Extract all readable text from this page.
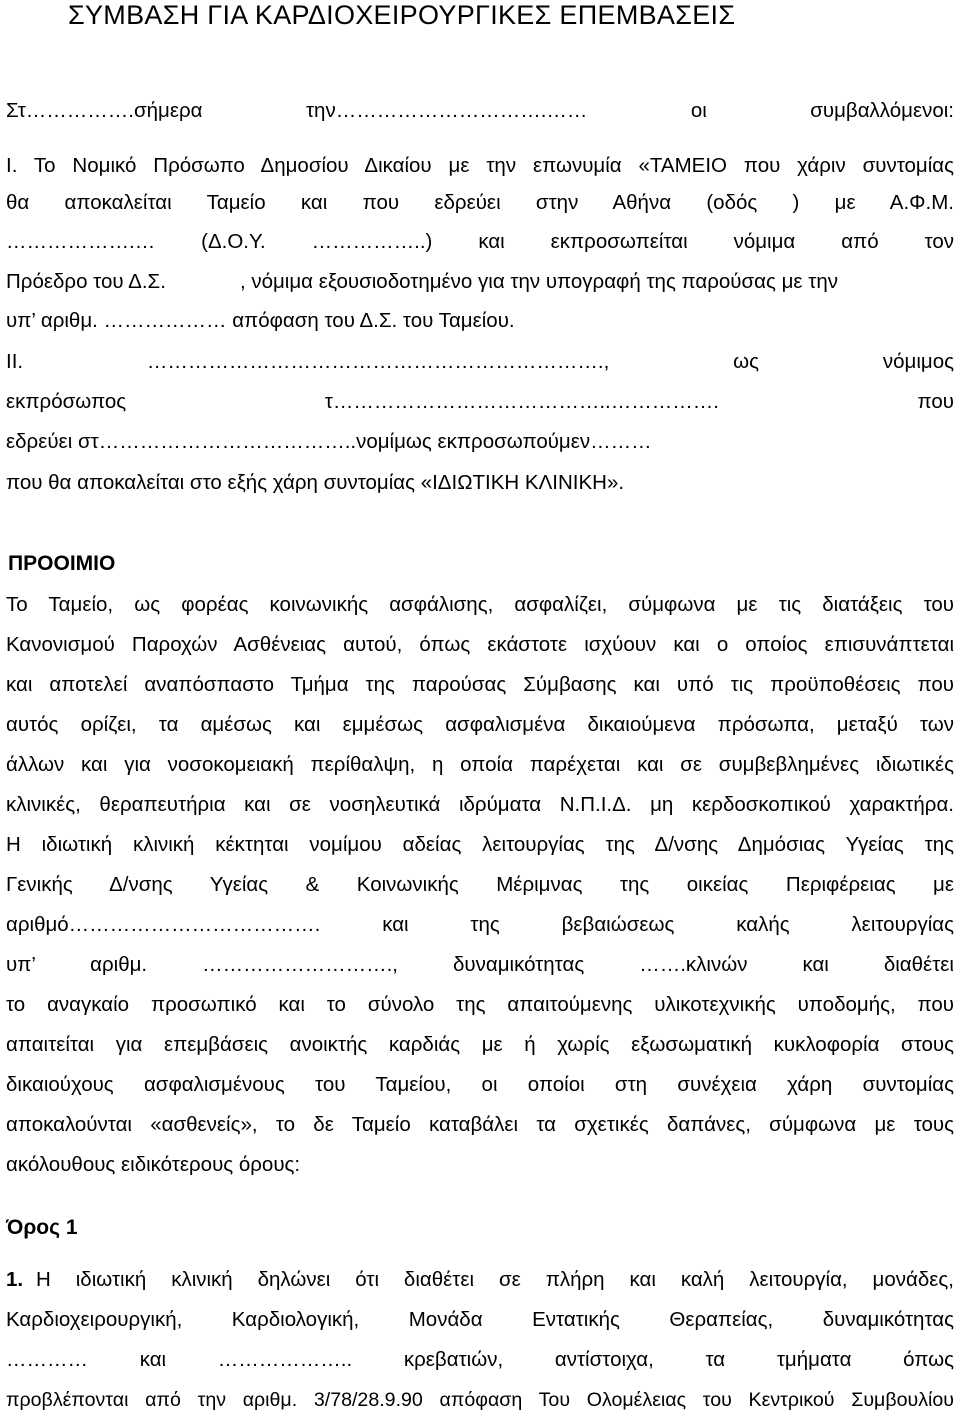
ΣΥΜΒΑΣΗ ΓΙΑ ΚΑΡΔΙΟΧΕΙΡΟΥΡΓΙΚΕΣ ΕΠΕΜΒΑΣΕΙΣ
Στ…………….σήμερα την………………………….…… οι συμβαλλόμενοι:
Ι. Το Νομικό Πρόσωπο Δημοσίου Δικαίου με την επωνυμία «ΤΑΜΕΙΟ που χάριν συντομίας
θα αποκαλείται Ταμείο και που εδρεύει στην Αθήνα (οδός ) με Α.Φ.Μ.
……………….… (Δ.Ο.Υ. ……………..) και εκπροσωπείται νόμιμα από τον
Πρόεδρο του Δ.Σ.             , νόμιμα εξουσιοδοτημένο για την υπογραφή της παρούσας με την
υπ’ αριθμ. ……………… απόφαση του Δ.Σ. του Ταμείου.
ΙΙ. …………………………………………………………., ως νόμιμος
εκπρόσωπος τ…………………………………..……………. που
εδρεύει στ………………………………..νομίμως εκπροσωπούμεν………
που θα αποκαλείται στο εξής χάρη συντομίας «ΙΔΙΩΤΙΚΗ ΚΛΙΝΙΚΗ».
ΠΡΟΟΙΜΙΟ
Το Ταμείο, ως φορέας κοινωνικής ασφάλισης, ασφαλίζει, σύμφωνα με τις διατάξεις του
Κανονισμού Παροχών Ασθένειας αυτού, όπως εκάστοτε ισχύουν και ο οποίος επισυνάπτεται
και αποτελεί αναπόσπαστο Τμήμα της παρούσας Σύμβασης και υπό τις προϋποθέσεις που
αυτός ορίζει, τα αμέσως και εμμέσως ασφαλισμένα δικαιούμενα πρόσωπα, μεταξύ των
άλλων και για νοσοκομειακή περίθαλψη, η οποία παρέχεται και σε συμβεβλημένες ιδιωτικές
κλινικές, θεραπευτήρια και σε νοσηλευτικά ιδρύματα Ν.Π.Ι.Δ. μη κερδοσκοπικού χαρακτήρα.
Η ιδιωτική κλινική κέκτηται νομίμου αδείας λειτουργίας της Δ/νσης Δημόσιας Υγείας της
Γενικής Δ/νσης Υγείας & Κοινωνικής Μέριμνας της οικείας Περιφέρειας με
αριθμό………………………………. και της βεβαιώσεως καλής λειτουργίας
υπ’ αριθμ. ………………………., δυναμικότητας …….κλινών και διαθέτει
το αναγκαίο προσωπικό και το σύνολο της απαιτούμενης υλικοτεχνικής υποδομής, που
απαιτείται για επεμβάσεις ανοικτής καρδιάς με ή χωρίς εξωσωματική κυκλοφορία στους
δικαιούχους ασφαλισμένους του Ταμείου, οι οποίοι στη συνέχεια χάρη συντομίας
αποκαλούνται «ασθενείς», το δε Ταμείο καταβάλει τα σχετικές δαπάνες, σύμφωνα με τους
ακόλουθους ειδικότερους όρους:
Όρος 1
Η ιδιωτική κλινική δηλώνει ότι διαθέτει σε πλήρη και καλή λειτουργία, μονάδες,
1.
Καρδιοχειρουργική, Καρδιολογική, Μονάδα Εντατικής Θεραπείας, δυναμικότητας
………… και ……………….. κρεβατιών, αντίστοιχα, τα τμήματα όπως
προβλέπονται από την αριθμ. 3/78/28.9.90 απόφαση Του Ολομέλειας του Κεντρικού Συμβουλίου
